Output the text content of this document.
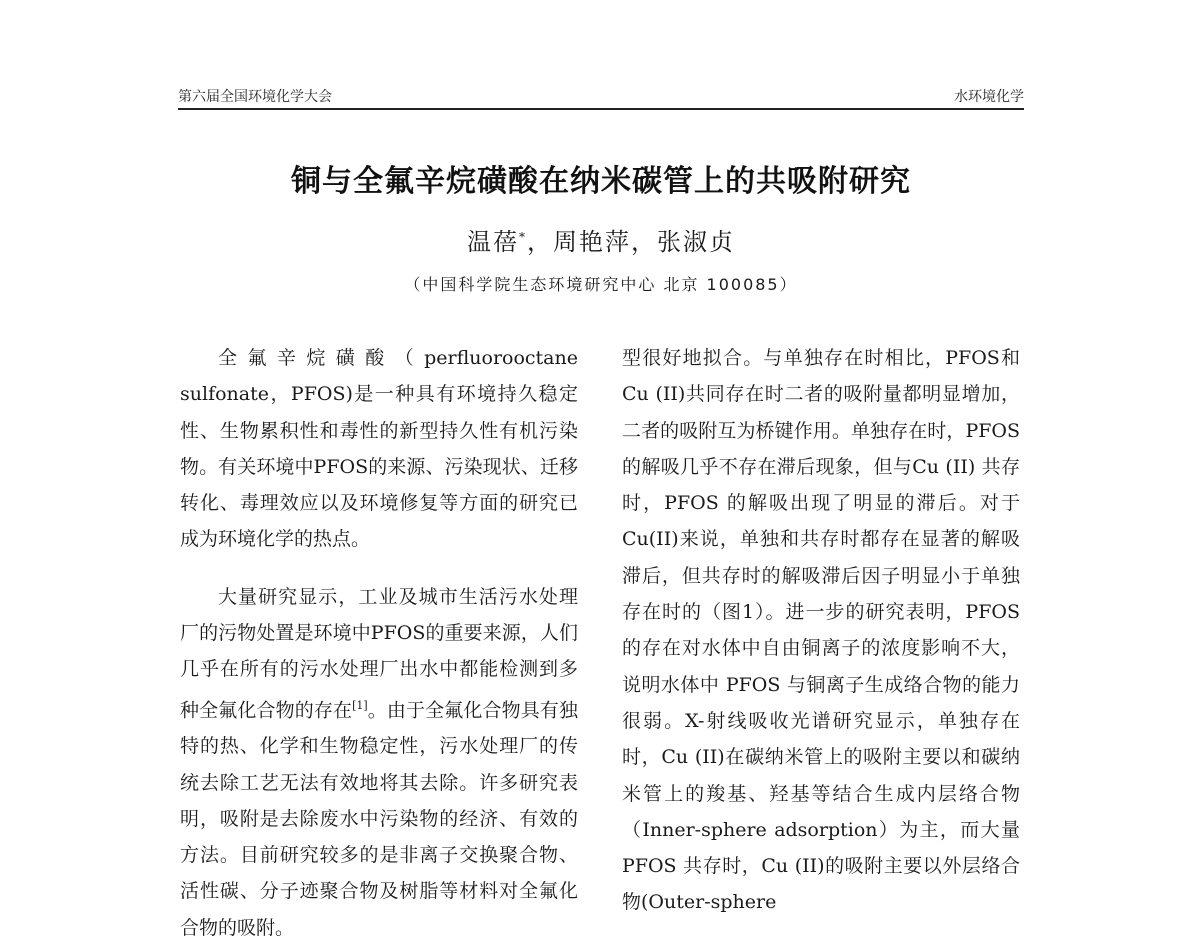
第六届全国环境化学大会	水环境化学
铜与全氟辛烷磺酸在纳米碳管上的共吸附研究
温蓓*，周艳萍，张淑贞
（中国科学院生态环境研究中心 北京 100085）

全氟辛烷磺酸（perfluorooctane sulfonate，PFOS)是一种具有环境持久稳定性、生物累积性和毒性的新型持久性有机污染物。有关环境中PFOS的来源、污染现状、迁移转化、毒理效应以及环境修复等方面的研究已成为环境化学的热点。

大量研究显示，工业及城市生活污水处理厂的污物处置是环境中PFOS的重要来源，人们几乎在所有的污水处理厂出水中都能检测到多种全氟化合物的存在[1]。由于全氟化合物具有独特的热、化学和生物稳定性，污水处理厂的传统去除工艺无法有效地将其去除。许多研究表明，吸附是去除废水中污染物的经济、有效的方法。目前研究较多的是非离子交换聚合物、活性碳、分子迹聚合物及树脂等材料对全氟化合物的吸附。

型很好地拟合。与单独存在时相比，PFOS和 Cu (II)共同存在时二者的吸附量都明显增加，二者的吸附互为桥键作用。单独存在时，PFOS 的解吸几乎不存在滞后现象，但与Cu (II) 共存时，PFOS 的解吸出现了明显的滞后。对于Cu(II)来说，单独和共存时都存在显著的解吸滞后，但共存时的解吸滞后因子明显小于单独存在时的（图1）。进一步的研究表明，PFOS 的存在对水体中自由铜离子的浓度影响不大，说明水体中 PFOS 与铜离子生成络合物的能力很弱。X-射线吸收光谱研究显示，单独存在时，Cu (II)在碳纳米管上的吸附主要以和碳纳米管上的羧基、羟基等结合生成内层络合物（Inner-sphere adsorption）为主，而大量 PFOS 共存时，Cu (II)的吸附主要以外层络合物(Outer-sphere
